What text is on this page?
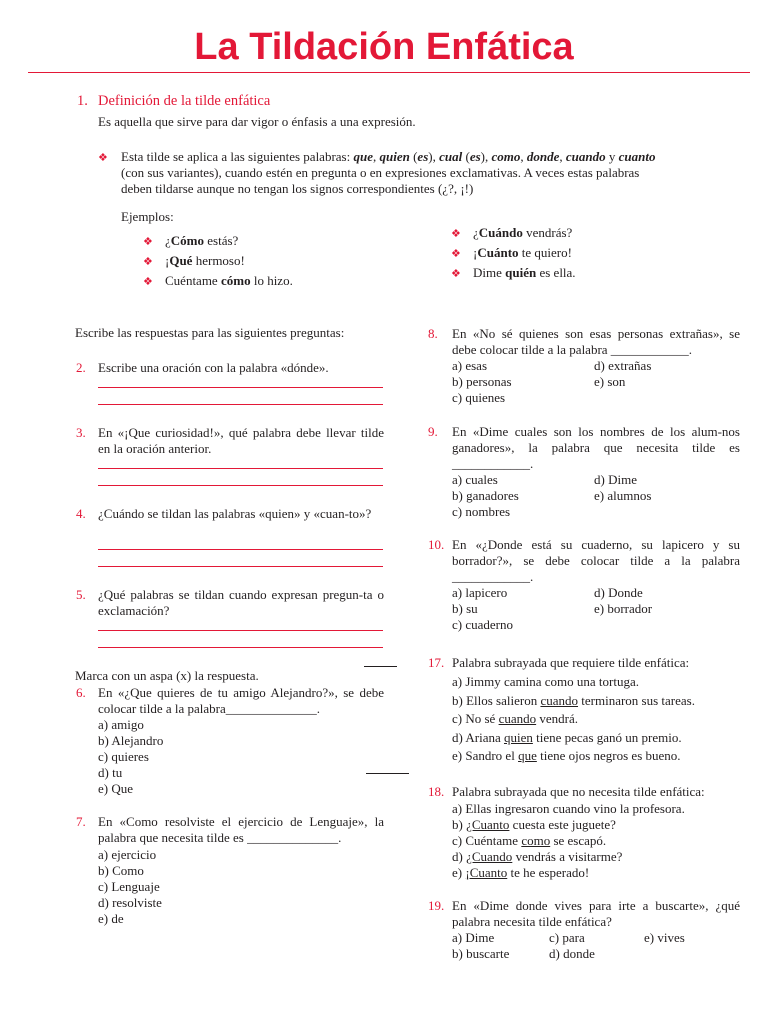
La Tildación Enfática
1. Definición de la tilde enfática
Es aquella que sirve para dar vigor o énfasis a una expresión.
❖ Esta tilde se aplica a las siguientes palabras: que, quien (es), cual (es), como, donde, cuando y cuanto
(con sus variantes), cuando estén en pregunta o en expresiones exclamativas. A veces estas palabras
deben tildarse aunque no tengan los signos correspondientes (¿?, ¡!)
Ejemplos:
❖ ¿Cómo estás?
❖ ¡Qué hermoso!
❖ Cuéntame cómo lo hizo.
❖ ¿Cuándo vendrás?
❖ ¡Cuánto te quiero!
❖ Dime quién es ella.
Escribe las respuestas para las siguientes preguntas:
2. Escribe una oración con la palabra «dónde».
3. En «¡Que curiosidad!», qué palabra debe llevar tilde en la oración anterior.
4. ¿Cuándo se tildan las palabras «quien» y «cuan-to»?
5. ¿Qué palabras se tildan cuando expresan pregun-ta o exclamación?
Marca con un aspa (x) la respuesta.
6. En «¿Que quieres de tu amigo Alejandro?», se debe colocar tilde a la palabra______________.
a) amigo
b) Alejandro
c) quieres
d) tu
e) Que
7. En «Como resolviste el ejercicio de Lenguaje», la palabra que necesita tilde es ______________.
a) ejercicio
b) Como
c) Lenguaje
d) resolviste
e) de
8. En «No sé quienes son esas personas extrañas», se debe colocar tilde a la palabra ____________.
a) esas	d) extrañas
b) personas	e) son
c) quienes
9. En «Dime cuales son los nombres de los alum-nos ganadores», la palabra que necesita tilde es ____________.
a) cuales	d) Dime
b) ganadores	e) alumnos
c) nombres
10. En «¿Donde está su cuaderno, su lapicero y su borrador?», se debe colocar tilde a la palabra ____________.
a) lapicero	d) Donde
b) su	e) borrador
c) cuaderno
17. Palabra subrayada que requiere tilde enfática:
a) Jimmy camina como una tortuga.
b) Ellos salieron cuando terminaron sus tareas.
c) No sé cuando vendrá.
d) Ariana quien tiene pecas ganó un premio.
e) Sandro el que tiene ojos negros es bueno.
18. Palabra subrayada que no necesita tilde enfática:
a) Ellas ingresaron cuando vino la profesora.
b) ¿Cuanto cuesta este juguete?
c) Cuéntame como se escapó.
d) ¿Cuando vendrás a visitarme?
e) ¡Cuanto te he esperado!
19. En «Dime donde vives para irte a buscarte», ¿qué palabra necesita tilde enfática?
a) Dime	c) para	e) vives
b) buscarte	d) donde
